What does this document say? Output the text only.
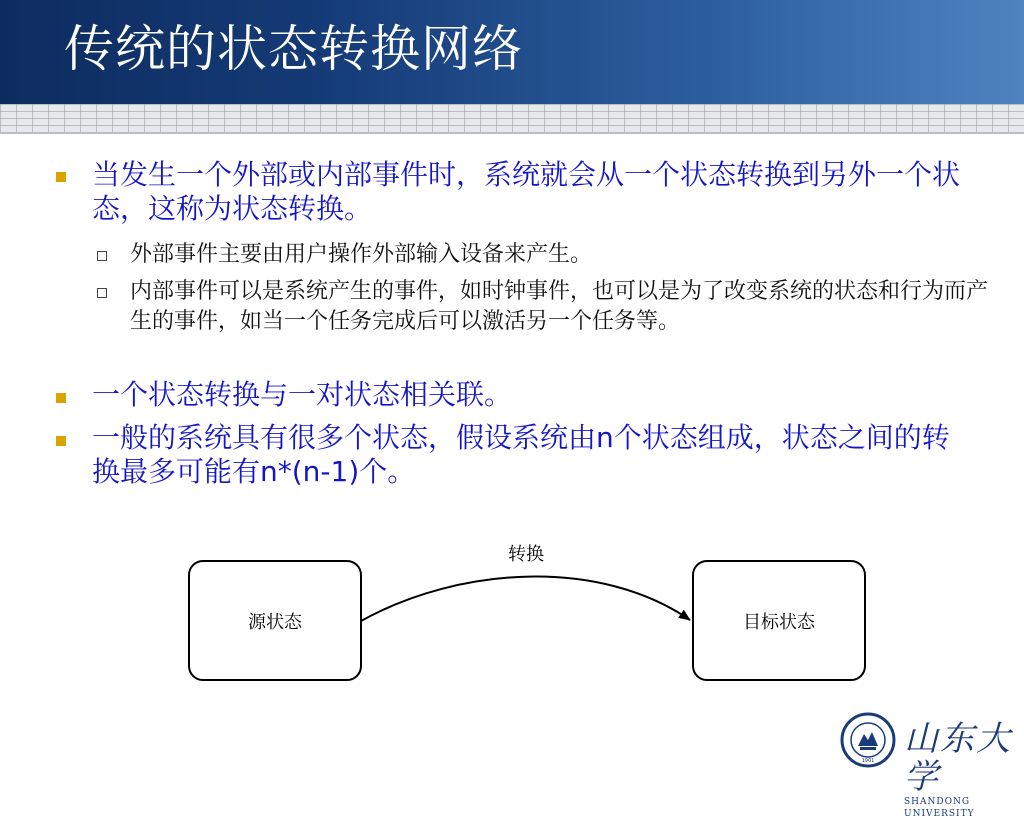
传统的状态转换网络
当发生一个外部或内部事件时，系统就会从一个状态转换到另外一个状态，这称为状态转换。
外部事件主要由用户操作外部输入设备来产生。
内部事件可以是系统产生的事件，如时钟事件，也可以是为了改变系统的状态和行为而产生的事件，如当一个任务完成后可以激活另一个任务等。
一个状态转换与一对状态相关联。
一般的系统具有很多个状态，假设系统由n个状态组成，状态之间的转换最多可能有n*(n-1)个。
源状态	目标状态
转换
1901
山东大学
SHANDONG UNIVERSITY
